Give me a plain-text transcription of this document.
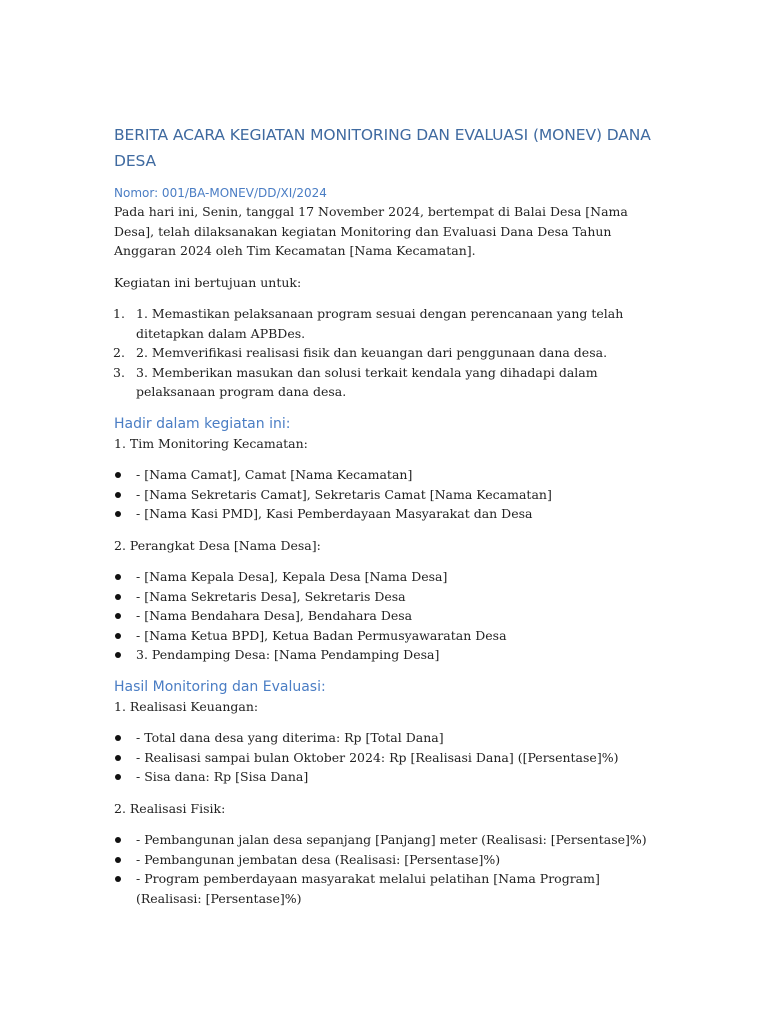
BERITA ACARA KEGIATAN MONITORING DAN EVALUASI (MONEV) DANA DESA
Nomor: 001/BA-MONEV/DD/XI/2024

Pada hari ini, Senin, tanggal 17 November 2024, bertempat di Balai Desa [Nama Desa], telah dilaksanakan kegiatan Monitoring dan Evaluasi Dana Desa Tahun Anggaran 2024 oleh Tim Kecamatan [Nama Kecamatan].

Kegiatan ini bertujuan untuk:

1. Memastikan pelaksanaan program sesuai dengan perencanaan yang telah ditetapkan dalam APBDes.
2. Memverifikasi realisasi fisik dan keuangan dari penggunaan dana desa.
3. Memberikan masukan dan solusi terkait kendala yang dihadapi dalam pelaksanaan program dana desa.
Hadir dalam kegiatan ini:

1. Tim Monitoring Kecamatan:

- [Nama Camat], Camat [Nama Kecamatan]
- [Nama Sekretaris Camat], Sekretaris Camat [Nama Kecamatan]
- [Nama Kasi PMD], Kasi Pemberdayaan Masyarakat dan Desa

2. Perangkat Desa [Nama Desa]:

- [Nama Kepala Desa], Kepala Desa [Nama Desa]
- [Nama Sekretaris Desa], Sekretaris Desa
- [Nama Bendahara Desa], Bendahara Desa
- [Nama Ketua BPD], Ketua Badan Permusyawaratan Desa
3. Pendamping Desa: [Nama Pendamping Desa]
Hasil Monitoring dan Evaluasi:

1. Realisasi Keuangan:

- Total dana desa yang diterima: Rp [Total Dana]
- Realisasi sampai bulan Oktober 2024: Rp [Realisasi Dana] ([Persentase]%)
- Sisa dana: Rp [Sisa Dana]

2. Realisasi Fisik:

- Pembangunan jalan desa sepanjang [Panjang] meter (Realisasi: [Persentase]%)
- Pembangunan jembatan desa (Realisasi: [Persentase]%)
- Program pemberdayaan masyarakat melalui pelatihan [Nama Program] (Realisasi: [Persentase]%)
